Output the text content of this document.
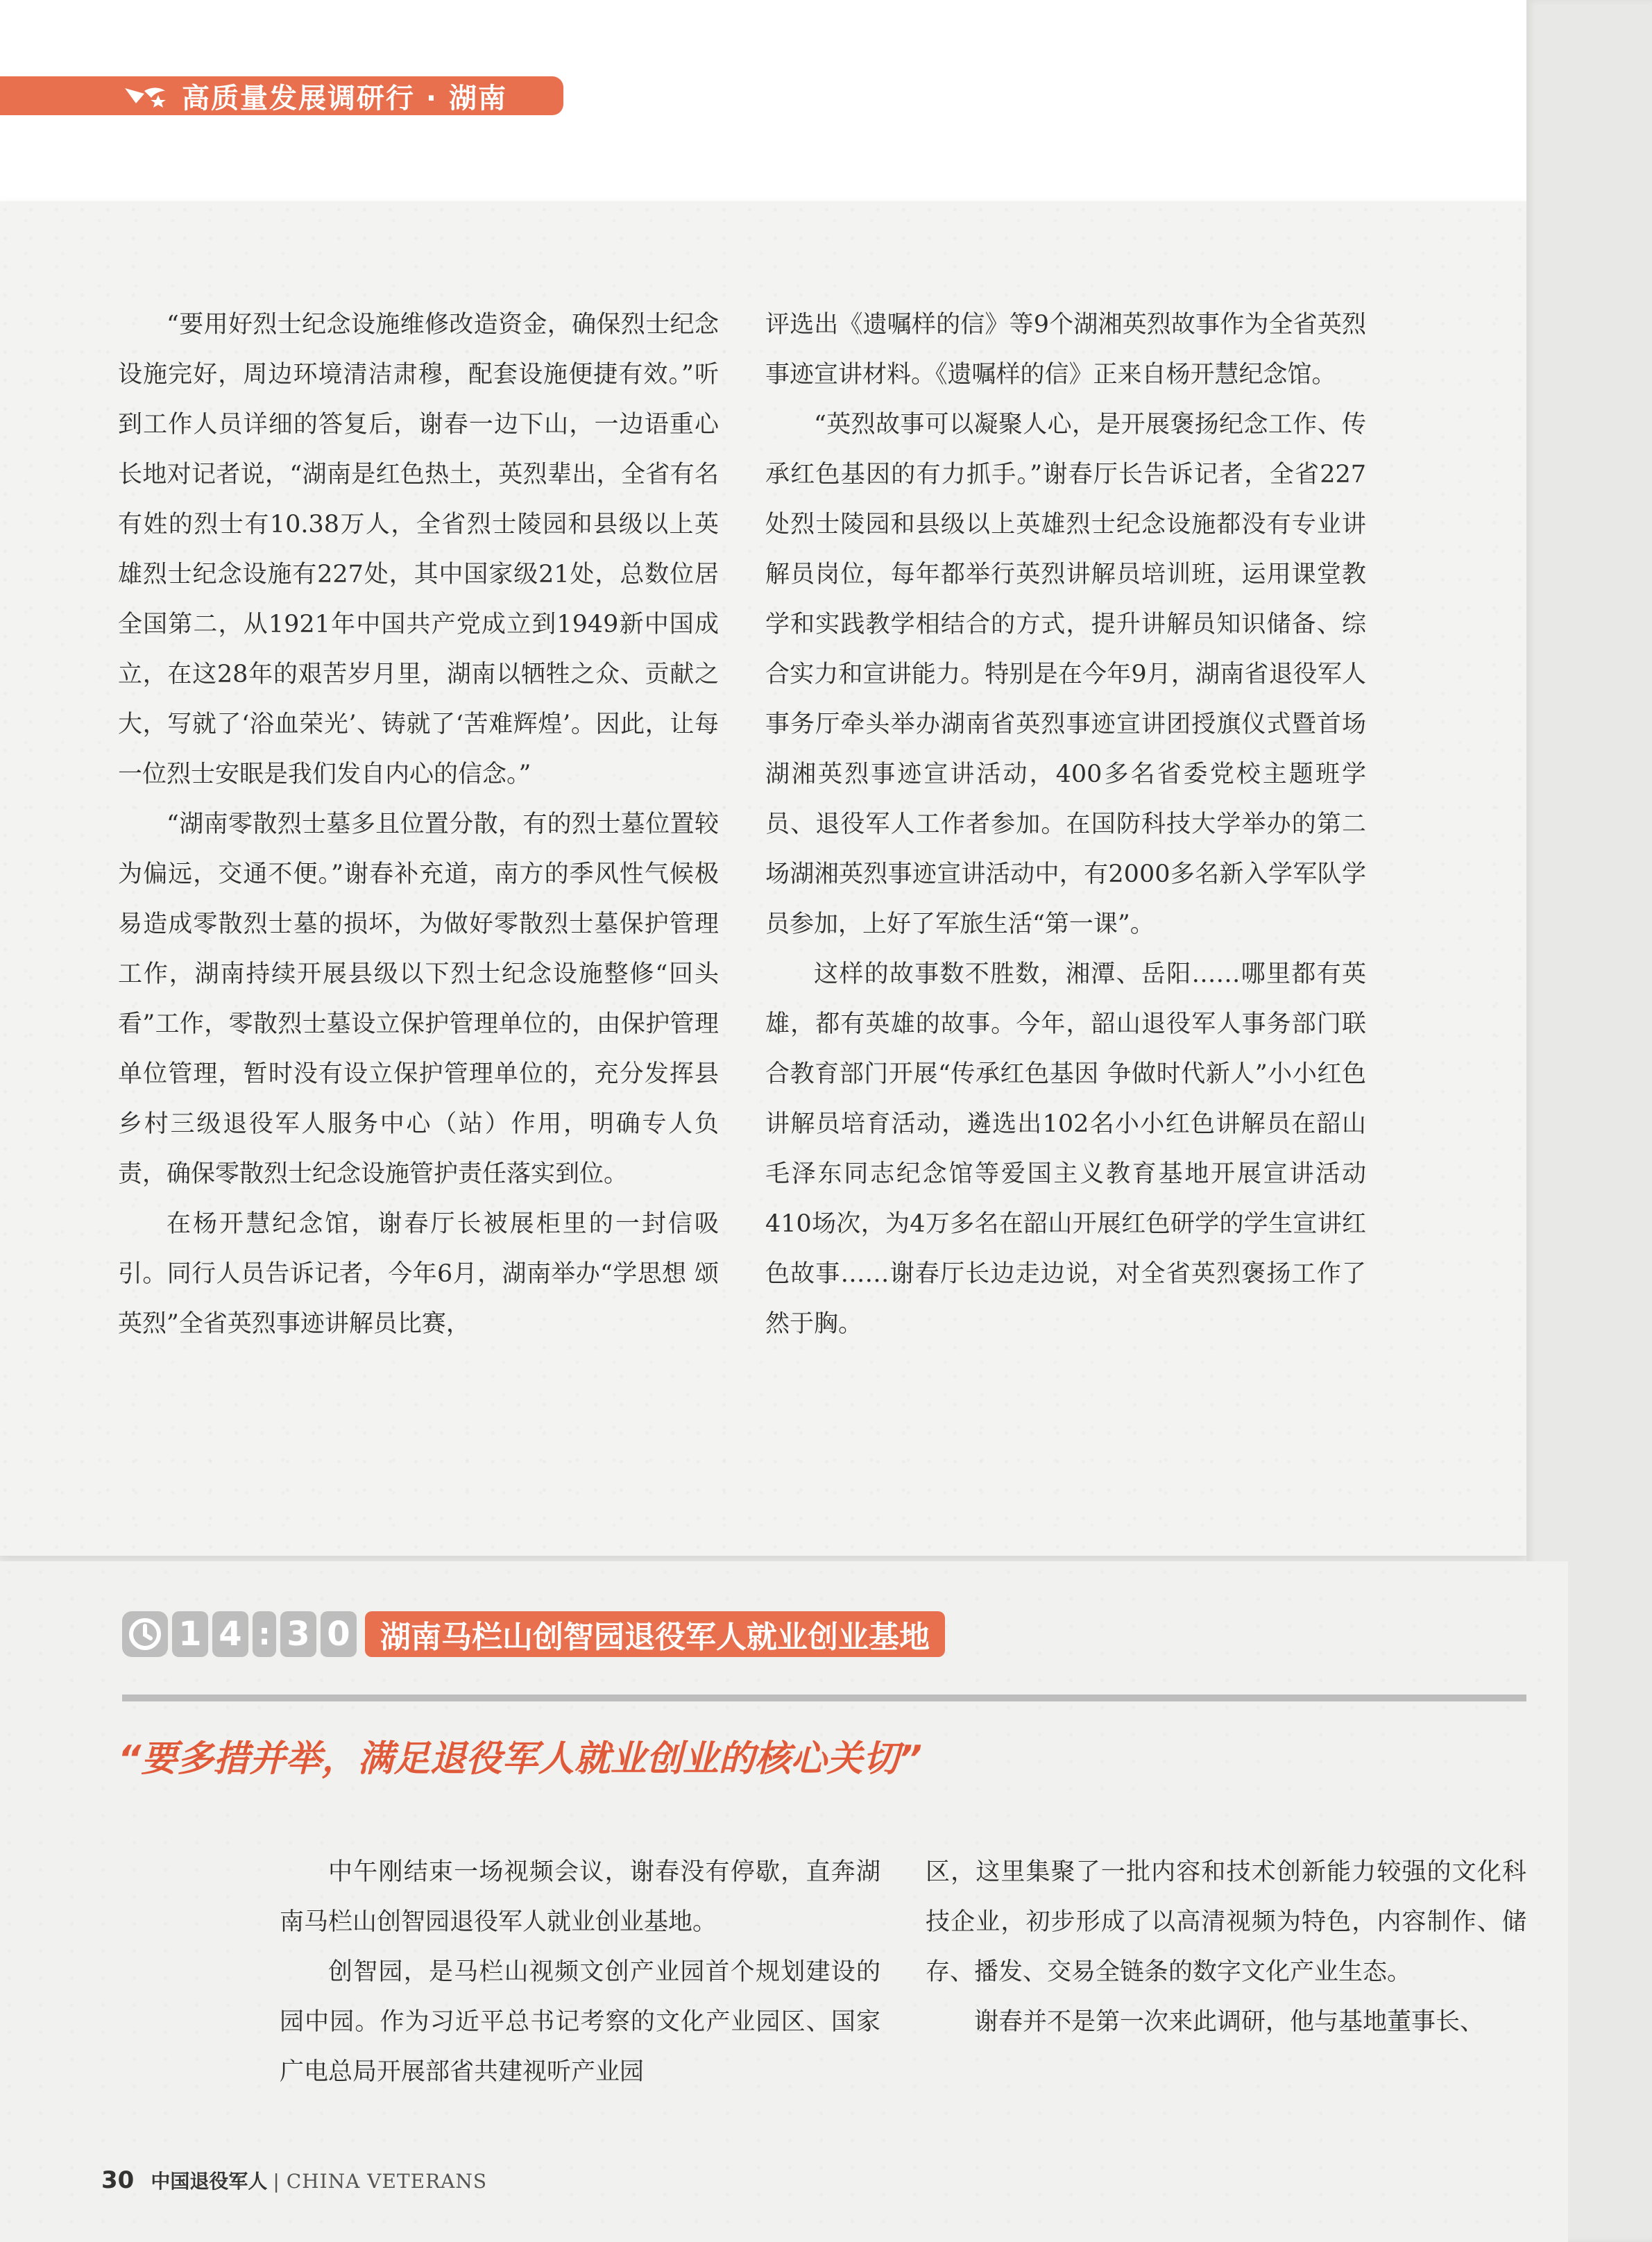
高质量发展调研行 · 湖南

“要用好烈士纪念设施维修改造资金，确保烈士纪念设施完好，周边环境清洁肃穆，配套设施便捷有效。”听到工作人员详细的答复后，谢春一边下山，一边语重心长地对记者说，“湖南是红色热土，英烈辈出，全省有名有姓的烈士有10.38万人，全省烈士陵园和县级以上英雄烈士纪念设施有227处，其中国家级21处，总数位居全国第二，从1921年中国共产党成立到1949新中国成立，在这28年的艰苦岁月里，湖南以牺牲之众、贡献之大，写就了‘浴血荣光’、铸就了‘苦难辉煌’。因此，让每一位烈士安眠是我们发自内心的信念。”

“湖南零散烈士墓多且位置分散，有的烈士墓位置较为偏远，交通不便。”谢春补充道，南方的季风性气候极易造成零散烈士墓的损坏，为做好零散烈士墓保护管理工作，湖南持续开展县级以下烈士纪念设施整修“回头看”工作，零散烈士墓设立保护管理单位的，由保护管理单位管理，暂时没有设立保护管理单位的，充分发挥县乡村三级退役军人服务中心（站）作用，明确专人负责，确保零散烈士纪念设施管护责任落实到位。

在杨开慧纪念馆，谢春厅长被展柜里的一封信吸引。同行人员告诉记者，今年6月，湖南举办“学思想 颂英烈”全省英烈事迹讲解员比赛，

评选出《遗嘱样的信》等9个湖湘英烈故事作为全省英烈事迹宣讲材料。《遗嘱样的信》正来自杨开慧纪念馆。

“英烈故事可以凝聚人心，是开展褒扬纪念工作、传承红色基因的有力抓手。”谢春厅长告诉记者，全省227处烈士陵园和县级以上英雄烈士纪念设施都没有专业讲解员岗位，每年都举行英烈讲解员培训班，运用课堂教学和实践教学相结合的方式，提升讲解员知识储备、综合实力和宣讲能力。特别是在今年9月，湖南省退役军人事务厅牵头举办湖南省英烈事迹宣讲团授旗仪式暨首场湖湘英烈事迹宣讲活动，400多名省委党校主题班学员、退役军人工作者参加。在国防科技大学举办的第二场湖湘英烈事迹宣讲活动中，有2000多名新入学军队学员参加，上好了军旅生活“第一课”。

这样的故事数不胜数，湘潭、岳阳……哪里都有英雄，都有英雄的故事。今年，韶山退役军人事务部门联合教育部门开展“传承红色基因 争做时代新人”小小红色讲解员培育活动，遴选出102名小小红色讲解员在韶山毛泽东同志纪念馆等爱国主义教育基地开展宣讲活动410场次，为4万多名在韶山开展红色研学的学生宣讲红色故事……谢春厅长边走边说，对全省英烈褒扬工作了然于胸。

1 4 : 3 0 湖南马栏山创智园退役军人就业创业基地
“要多措并举，满足退役军人就业创业的核心关切”

中午刚结束一场视频会议，谢春没有停歇，直奔湖南马栏山创智园退役军人就业创业基地。

创智园，是马栏山视频文创产业园首个规划建设的园中园。作为习近平总书记考察的文化产业园区、国家广电总局开展部省共建视听产业园

区，这里集聚了一批内容和技术创新能力较强的文化科技企业，初步形成了以高清视频为特色，内容制作、储存、播发、交易全链条的数字文化产业生态。

谢春并不是第一次来此调研，他与基地董事长、

30 中国退役军人 | CHINA VETERANS
